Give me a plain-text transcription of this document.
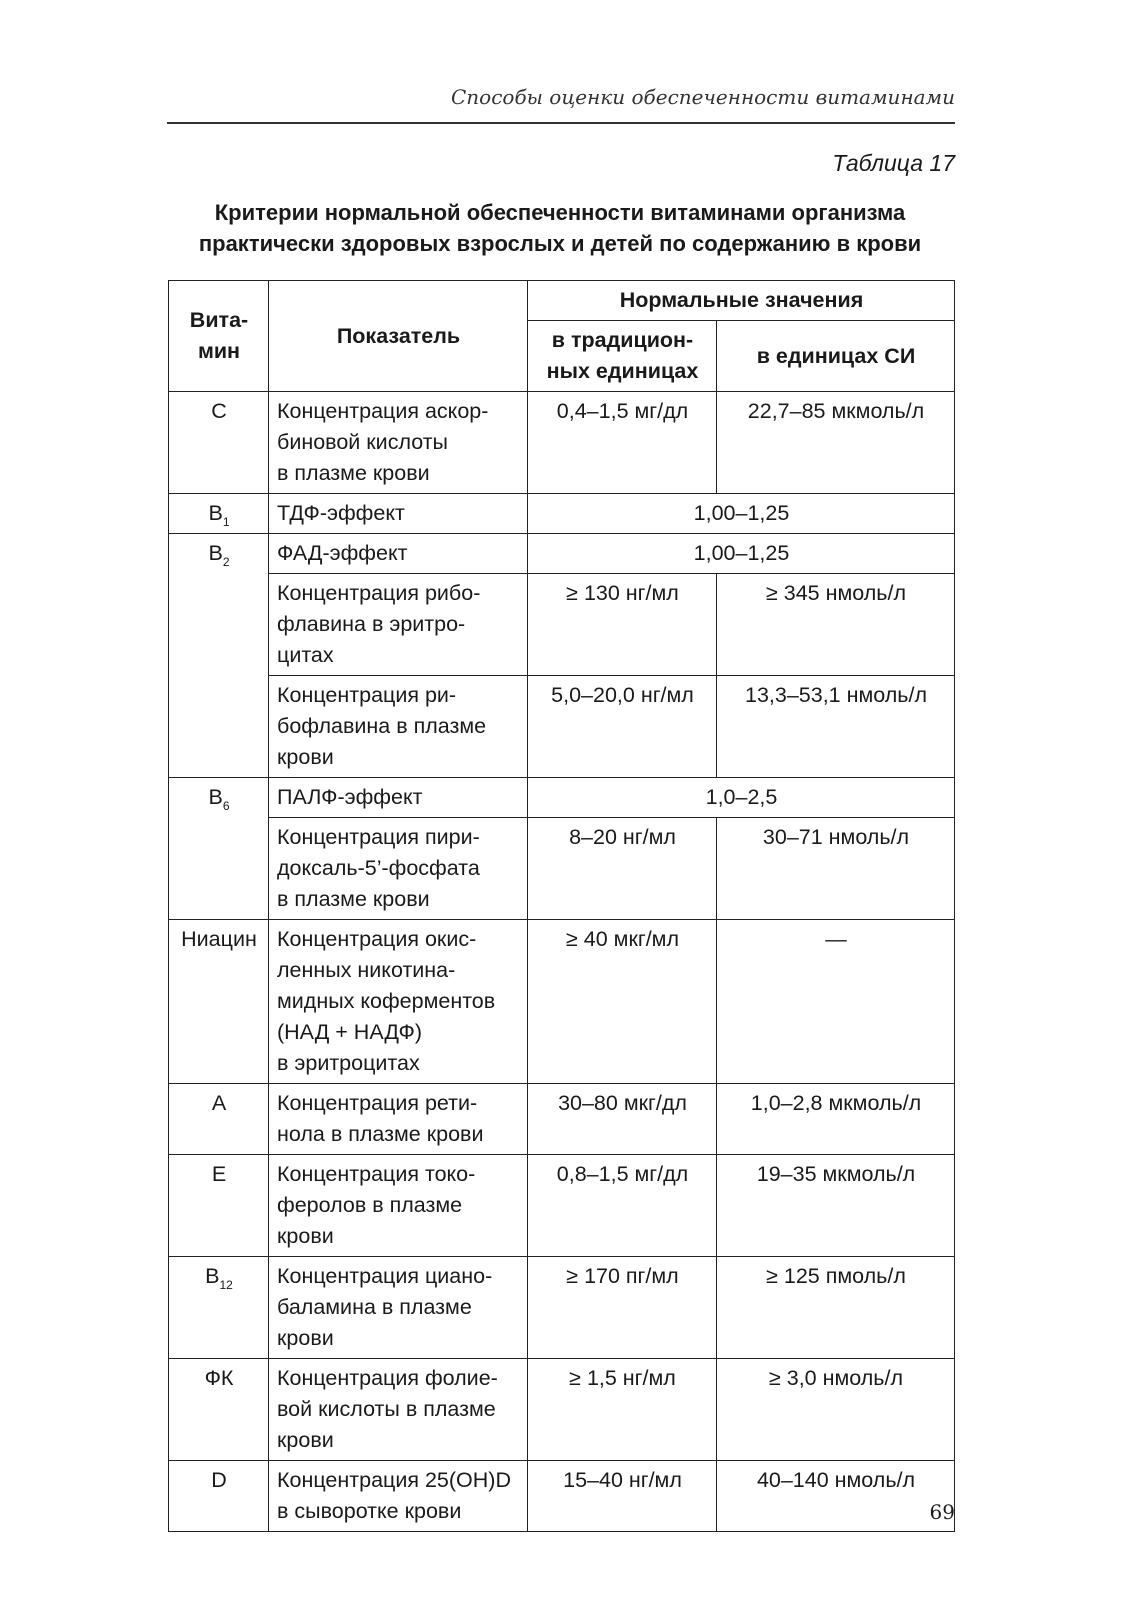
Способы оценки обеспеченности витаминами
Таблица 17
Критерии нормальной обеспеченности витаминами организма
практически здоровых взрослых и детей по содержанию в крови
Вита-
мин	Показатель	Нормальные значения	

		в традицион-
ных единицах	в единицах СИ
C	Концентрация аскор-
биновой кислоты
в плазме крови	0,4–1,5 мг/дл	22,7–85 мкмоль/л
$B_1$	ТДФ-эффект	1,00–1,25	
$B_2$	ФАД-эффект	1,00–1,25	

	Концентрация рибо-
флавина в эритро-
цитах	≥ 130 нг/мл	≥ 345 нмоль/л

	Концентрация ри-
бофлавина в плазме
крови	5,0–20,0 нг/мл	13,3–53,1 нмоль/л
$B_6$	ПАЛФ-эффект	1,0–2,5	

	Концентрация пири-
доксаль-5’-фосфата
в плазме крови	8–20 нг/мл	30–71 нмоль/л
Ниацин	Концентрация окис-
ленных никотина-
мидных коферментов
(НАД + НАДФ)
в эритроцитах	≥ 40 мкг/мл	—
A	Концентрация рети-
нола в плазме крови	30–80 мкг/дл	1,0–2,8 мкмоль/л
E	Концентрация токо-
феролов в плазме
крови	0,8–1,5 мг/дл	19–35 мкмоль/л
$B_{12}$	Концентрация циано-
баламина в плазме
крови	≥ 170 пг/мл	≥ 125 пмоль/л
ФК	Концентрация фолие-
вой кислоты в плазме
крови	≥ 1,5 нг/мл	≥ 3,0 нмоль/л
D	Концентрация 25(OH)D
в сыворотке крови	15–40 нг/мл	40–140 нмоль/л
69
